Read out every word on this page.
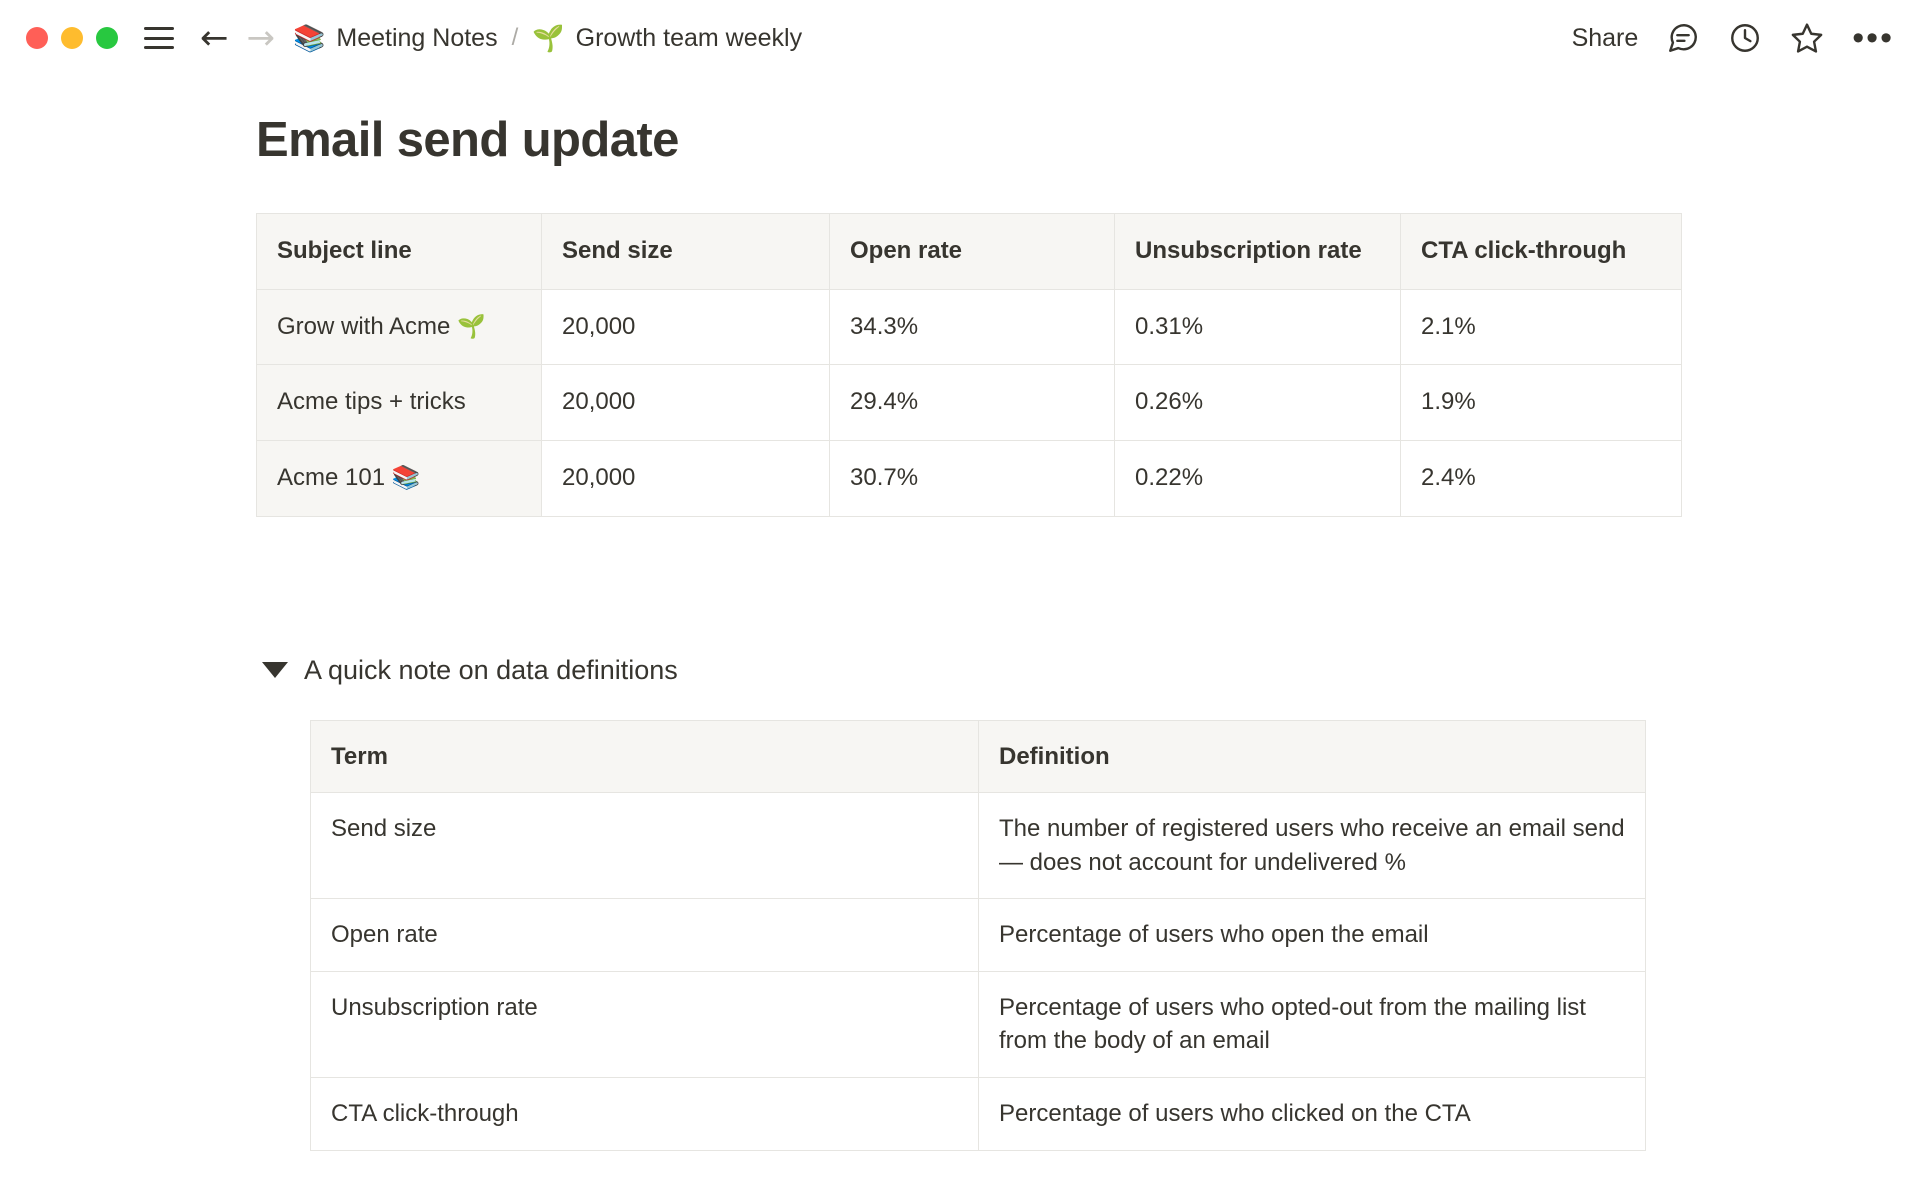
← → 📚 Meeting Notes / 🌱 Growth team weekly	Share	•••
Email send update
Subject line	Send size	Open rate	Unsubscription rate	CTA click-through
Grow with Acme 🌱	20,000	34.3%	0.31%	2.1%
Acme tips + tricks	20,000	29.4%	0.26%	1.9%
Acme 101 📚	20,000	30.7%	0.22%	2.4%
A quick note on data definitions
Term	Definition
Send size	The number of registered users who receive an email send — does not account for undelivered %
Open rate	Percentage of users who open the email
Unsubscription rate	Percentage of users who opted-out from the mailing list from the body of an email
CTA click-through	Percentage of users who clicked on the CTA
